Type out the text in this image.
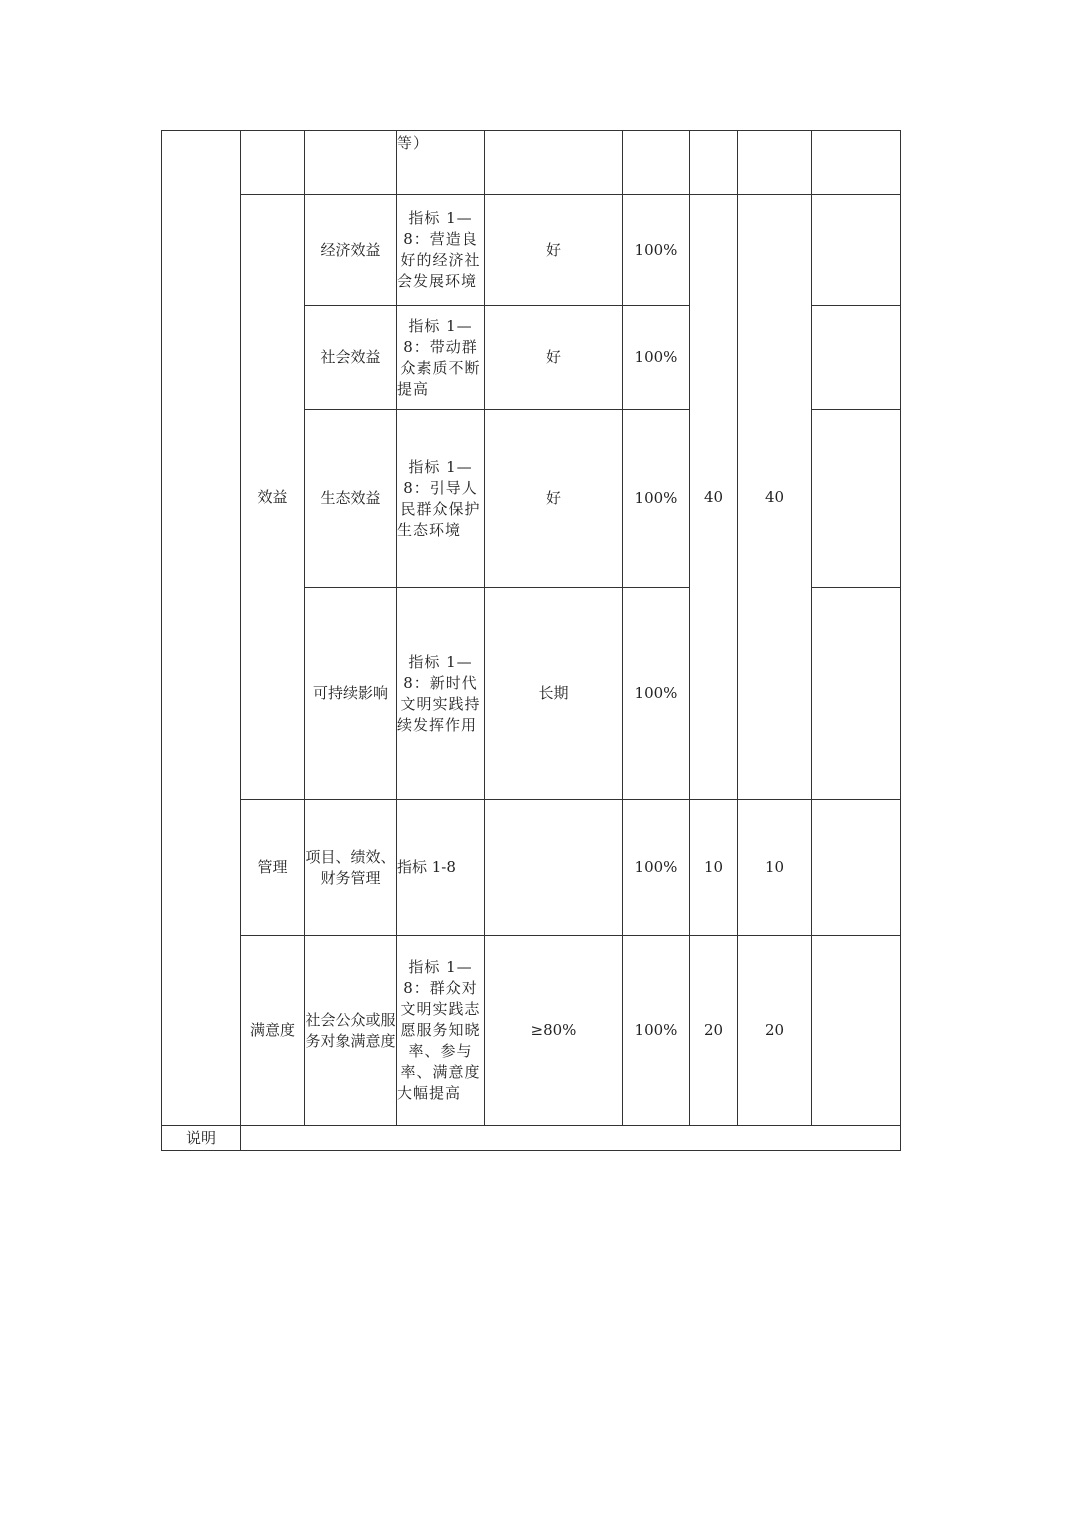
			等）					
	效益	经济效益	指标 1—8：营造良好的经济社会发展环境	好	100%	40	40	
		社会效益	指标 1—8：带动群众素质不断提高	好	100%			
		生态效益	指标 1—8：引导人民群众保护生态环境	好	100%			
		可持续影响	指标 1—8：新时代文明实践持续发挥作用	长期	100%			
	管理	项目、绩效、财务管理	指标 1-8		100%	10	10	
	满意度	社会公众或服务对象满意度	指标 1—8：群众对文明实践志愿服务知晓率、参与率、满意度大幅提高	≥80%	100%	20	20	
说明								
